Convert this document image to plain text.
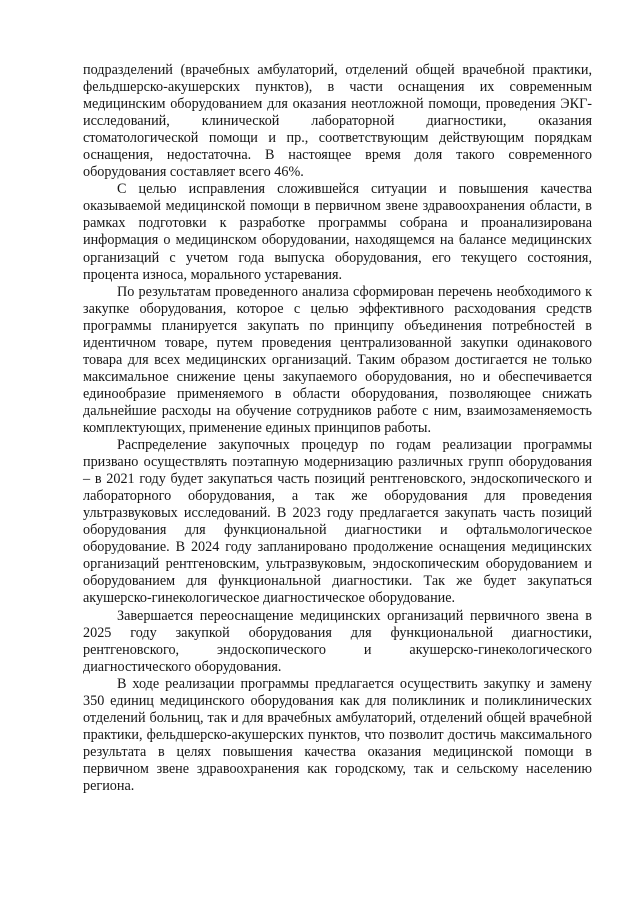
подразделений (врачебных амбулаторий, отделений общей врачебной практики, фельдшерско-акушерских пунктов), в части оснащения их современным медицинским оборудованием для оказания неотложной помощи, проведения ЭКГ-исследований, клинической лабораторной диагностики, оказания стоматологической помощи и пр., соответствующим действующим порядкам оснащения, недостаточна. В настоящее время доля такого современного оборудования составляет всего 46%.

С целью исправления сложившейся ситуации и повышения качества оказываемой медицинской помощи в первичном звене здравоохранения области, в рамках подготовки к разработке программы собрана и проанализирована информация о медицинском оборудовании, находящемся на балансе медицинских организаций с учетом года выпуска оборудования, его текущего состояния, процента износа, морального устаревания.

По результатам проведенного анализа сформирован перечень необходимого к закупке оборудования, которое с целью эффективного расходования средств программы планируется закупать по принципу объединения потребностей в идентичном товаре, путем проведения централизованной закупки одинакового товара для всех медицинских организаций. Таким образом достигается не только максимальное снижение цены закупаемого оборудования, но и обеспечивается единообразие применяемого в области оборудования, позволяющее снижать дальнейшие расходы на обучение сотрудников работе с ним, взаимозаменяемость комплектующих, применение единых принципов работы.

Распределение закупочных процедур по годам реализации программы призвано осуществлять поэтапную модернизацию различных групп оборудования – в 2021 году будет закупаться часть позиций рентгеновского, эндоскопического и лабораторного оборудования, а так же оборудования для проведения ультразвуковых исследований. В 2023 году предлагается закупать часть позиций оборудования для функциональной диагностики и офтальмологическое оборудование. В 2024 году запланировано продолжение оснащения медицинских организаций рентгеновским, ультразвуковым, эндоскопическим оборудованием и оборудованием для функциональной диагностики. Так же будет закупаться акушерско-гинекологическое диагностическое оборудование.

Завершается переоснащение медицинских организаций первичного звена в 2025 году закупкой оборудования для функциональной диагностики, рентгеновского, эндоскопического и акушерско-гинекологического диагностического оборудования.

В ходе реализации программы предлагается осуществить закупку и замену 350 единиц медицинского оборудования как для поликлиник и поликлинических отделений больниц, так и для врачебных амбулаторий, отделений общей врачебной практики, фельдшерско-акушерских пунктов, что позволит достичь максимального результата в целях повышения качества оказания медицинской помощи в первичном звене здравоохранения как городскому, так и сельскому населению региона.
